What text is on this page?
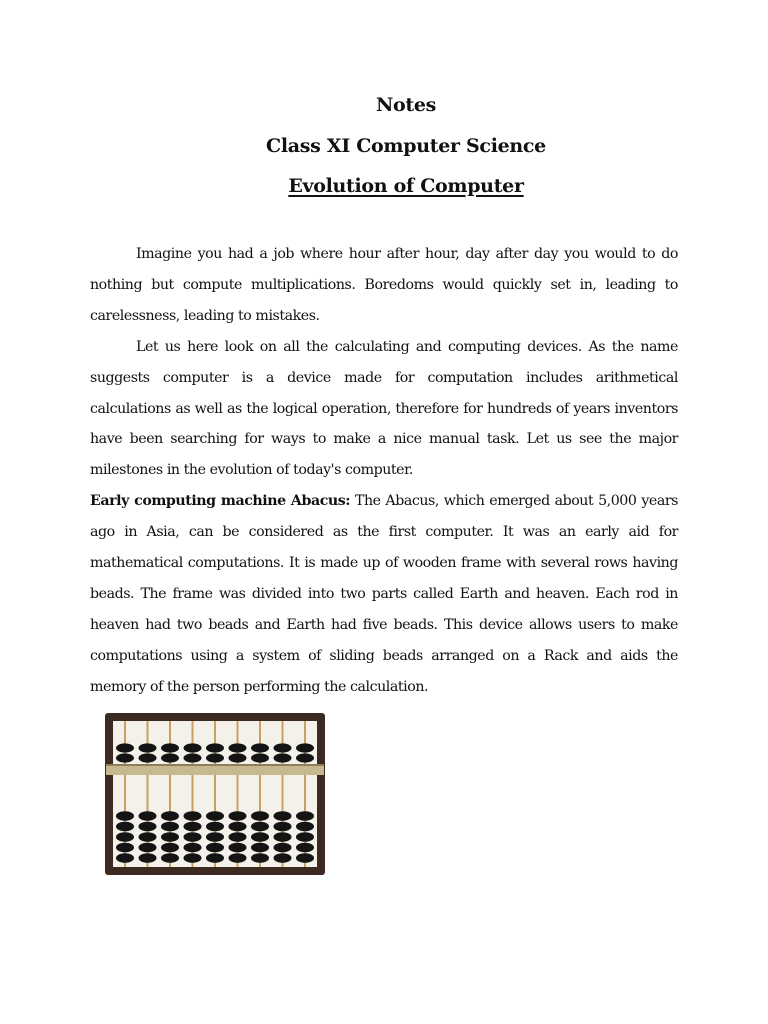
Notes
Class XI Computer Science
Evolution of Computer

Imagine you had a job where hour after hour, day after day you would to do nothing but compute multiplications. Boredoms would quickly set in, leading to carelessness, leading to mistakes.

Let us here look on all the calculating and computing devices. As the name suggests computer is a device made for computation includes arithmetical calculations as well as the logical operation, therefore for hundreds of years inventors have been searching for ways to make a nice manual task. Let us see the major milestones in the evolution of today's computer.

Early computing machine Abacus: The Abacus, which emerged about 5,000 years ago in Asia, can be considered as the first computer. It was an early aid for mathematical computations. It is made up of wooden frame with several rows having beads. The frame was divided into two parts called Earth and heaven. Each rod in heaven had two beads and Earth had five beads. This device allows users to make computations using a system of sliding beads arranged on a Rack and aids the memory of the person performing the calculation.
